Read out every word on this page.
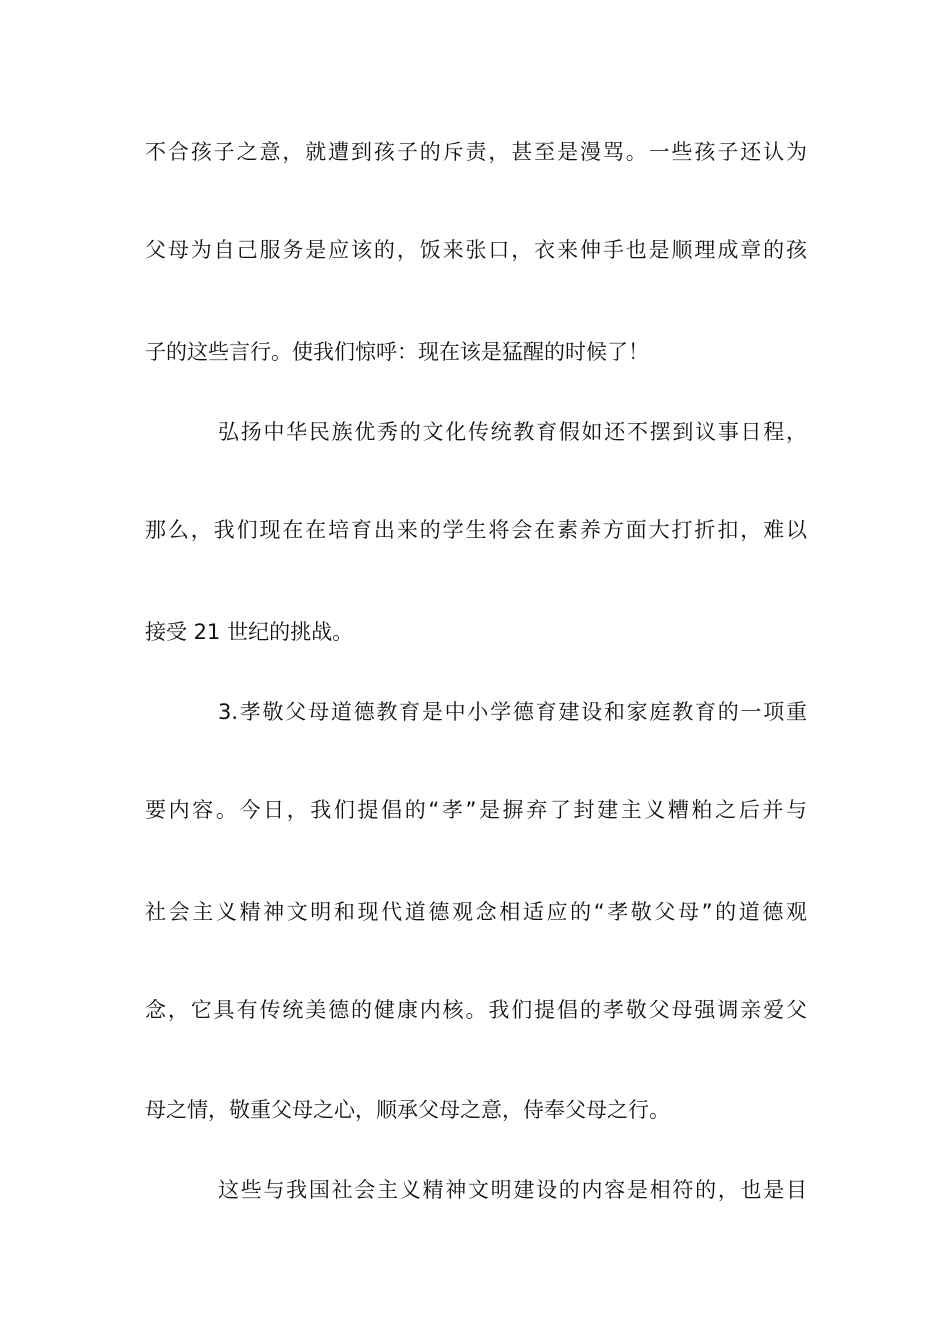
不合孩子之意，就遭到孩子的斥责，甚至是漫骂。一些孩子还认为
父母为自己服务是应该的，饭来张口，衣来伸手也是顺理成章的孩
子的这些言行。使我们惊呼：现在该是猛醒的时候了！
弘扬中华民族优秀的文化传统教育假如还不摆到议事日程，
那么，我们现在在培育出来的学生将会在素养方面大打折扣，难以
接受 21 世纪的挑战。
3.孝敬父母道德教育是中小学德育建设和家庭教育的一项重
要内容。今日，我们提倡的“孝”是摒弃了封建主义糟粕之后并与
社会主义精神文明和现代道德观念相适应的“孝敬父母”的道德观
念，它具有传统美德的健康内核。我们提倡的孝敬父母强调亲爱父
母之情，敬重父母之心，顺承父母之意，侍奉父母之行。
这些与我国社会主义精神文明建设的内容是相符的，也是目
